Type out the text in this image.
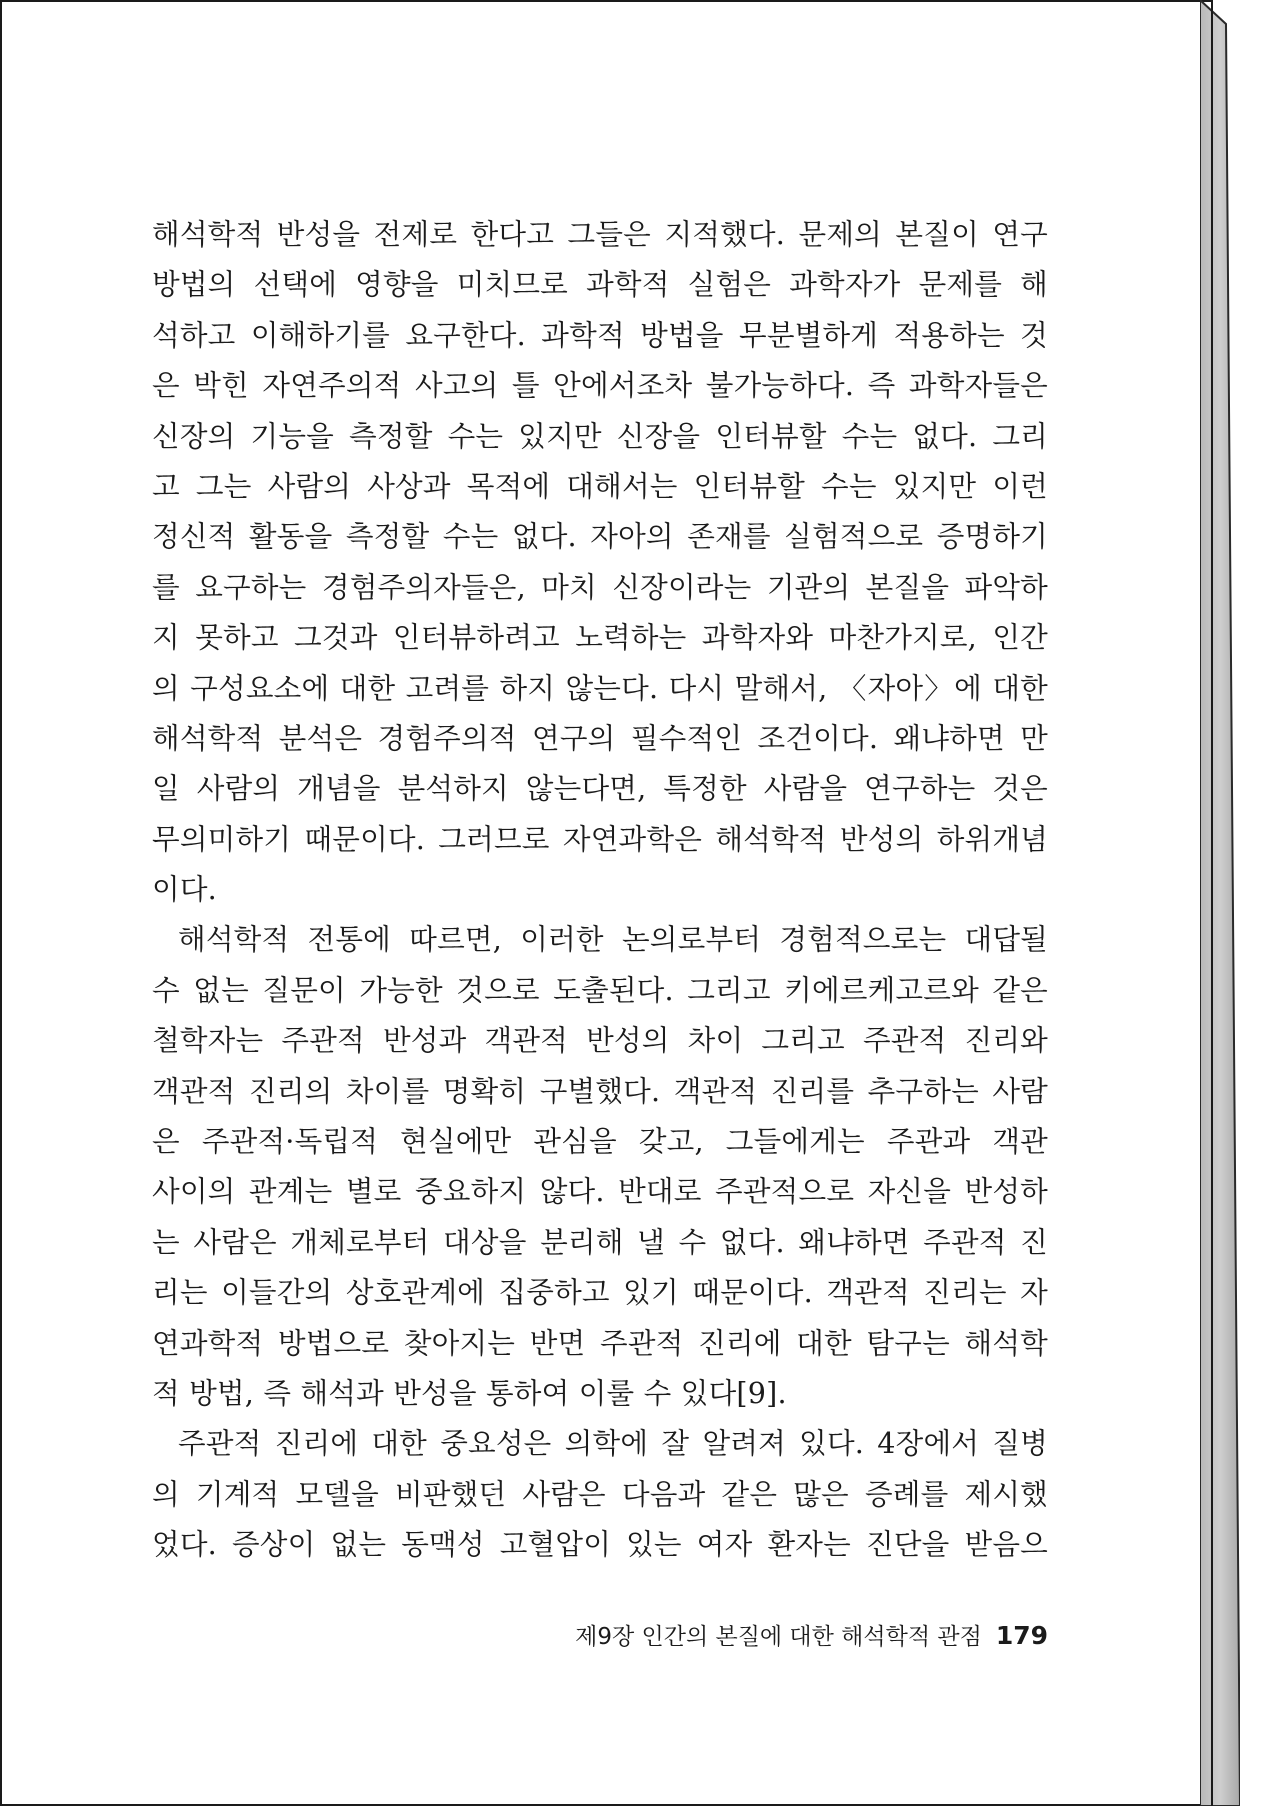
해석학적 반성을 전제로 한다고 그들은 지적했다. 문제의 본질이 연구
방법의 선택에 영향을 미치므로 과학적 실험은 과학자가 문제를 해
석하고 이해하기를 요구한다. 과학적 방법을 무분별하게 적용하는 것
은 박힌 자연주의적 사고의 틀 안에서조차 불가능하다. 즉 과학자들은
신장의 기능을 측정할 수는 있지만 신장을 인터뷰할 수는 없다. 그리
고 그는 사람의 사상과 목적에 대해서는 인터뷰할 수는 있지만 이런
정신적 활동을 측정할 수는 없다. 자아의 존재를 실험적으로 증명하기
를 요구하는 경험주의자들은, 마치 신장이라는 기관의 본질을 파악하
지 못하고 그것과 인터뷰하려고 노력하는 과학자와 마찬가지로, 인간
의 구성요소에 대한 고려를 하지 않는다. 다시 말해서, 〈자아〉에 대한
해석학적 분석은 경험주의적 연구의 필수적인 조건이다. 왜냐하면 만
일 사람의 개념을 분석하지 않는다면, 특정한 사람을 연구하는 것은
무의미하기 때문이다. 그러므로 자연과학은 해석학적 반성의 하위개념
이다.
해석학적 전통에 따르면, 이러한 논의로부터 경험적으로는 대답될
수 없는 질문이 가능한 것으로 도출된다. 그리고 키에르케고르와 같은
철학자는 주관적 반성과 객관적 반성의 차이 그리고 주관적 진리와
객관적 진리의 차이를 명확히 구별했다. 객관적 진리를 추구하는 사람
은 주관적·독립적 현실에만 관심을 갖고, 그들에게는 주관과 객관
사이의 관계는 별로 중요하지 않다. 반대로 주관적으로 자신을 반성하
는 사람은 개체로부터 대상을 분리해 낼 수 없다. 왜냐하면 주관적 진
리는 이들간의 상호관계에 집중하고 있기 때문이다. 객관적 진리는 자
연과학적 방법으로 찾아지는 반면 주관적 진리에 대한 탐구는 해석학
적 방법, 즉 해석과 반성을 통하여 이룰 수 있다[9].
주관적 진리에 대한 중요성은 의학에 잘 알려져 있다. 4장에서 질병
의 기계적 모델을 비판했던 사람은 다음과 같은 많은 증례를 제시했
었다. 증상이 없는 동맥성 고혈압이 있는 여자 환자는 진단을 받음으
제9장 인간의 본질에 대한 해석학적 관점 179
